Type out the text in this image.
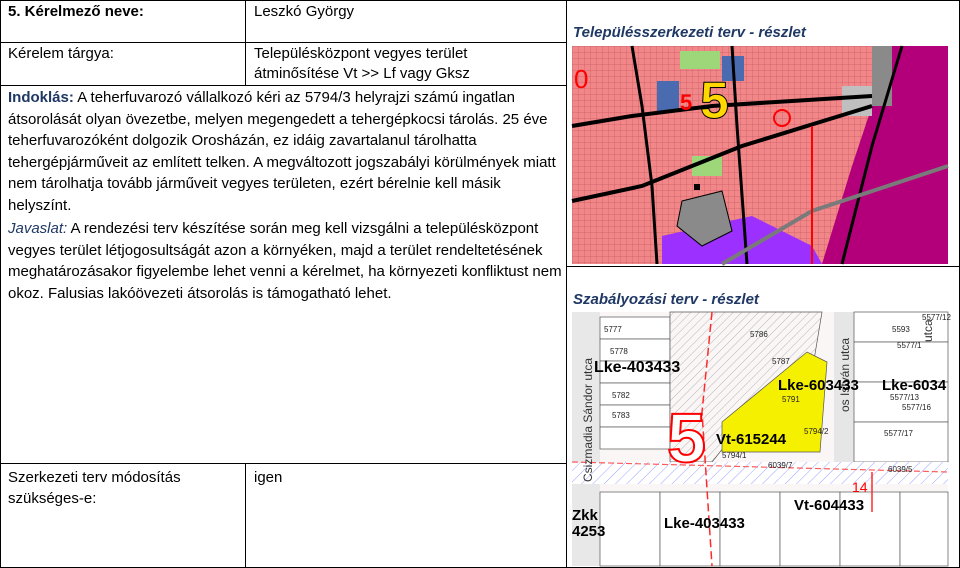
5. Kérelmező neve:	Leszkó György
Kérelem tárgya:	Településközpont vegyes terület
átminősítése Vt >> Lf vagy Gksz
Indoklás: A teherfuvarozó vállalkozó kéri az 5794/3 helyrajzi számú ingatlan átsorolását olyan övezetbe, melyen megengedett a tehergépkocsi tárolás. 25 éve teherfuvarozóként dolgozik Orosházán, ez idáig zavartalanul tárolhatta tehergépjárműveit az említett telken. A megváltozott jogszabályi körülmények miatt nem tárolhatja tovább járműveit vegyes területen, ezért bérelnie kell másik helyszínt.
Javaslat: A rendezési terv készítése során meg kell vizsgálni a településközpont vegyes terület létjogosultságát azon a környéken, majd a terület rendeltetésének meghatározásakor figyelembe lehet venni a kérelmet, ha környezeti konfliktust nem okoz. Falusias lakóövezeti átsorolás is támogatható lehet.
Szerkezeti terv módosítás
szükséges-e:
igen
Településszerkezeti terv - részlet
0
5 5
Szabályozási terv - részlet
Csizmadia Sándor utca	os István utca
utca
Lke-403433
Lke-603433 Lke-6034
Vt-615244
Vt-604433
Lke-403433
Zkk
4253
5
14
5777
5778
5782
5783
5786
5787
5791
5794/1
5794/2
6039/7
5593
5577/1
5577/12
5577/13
5577/16
5577/17
6039/5
